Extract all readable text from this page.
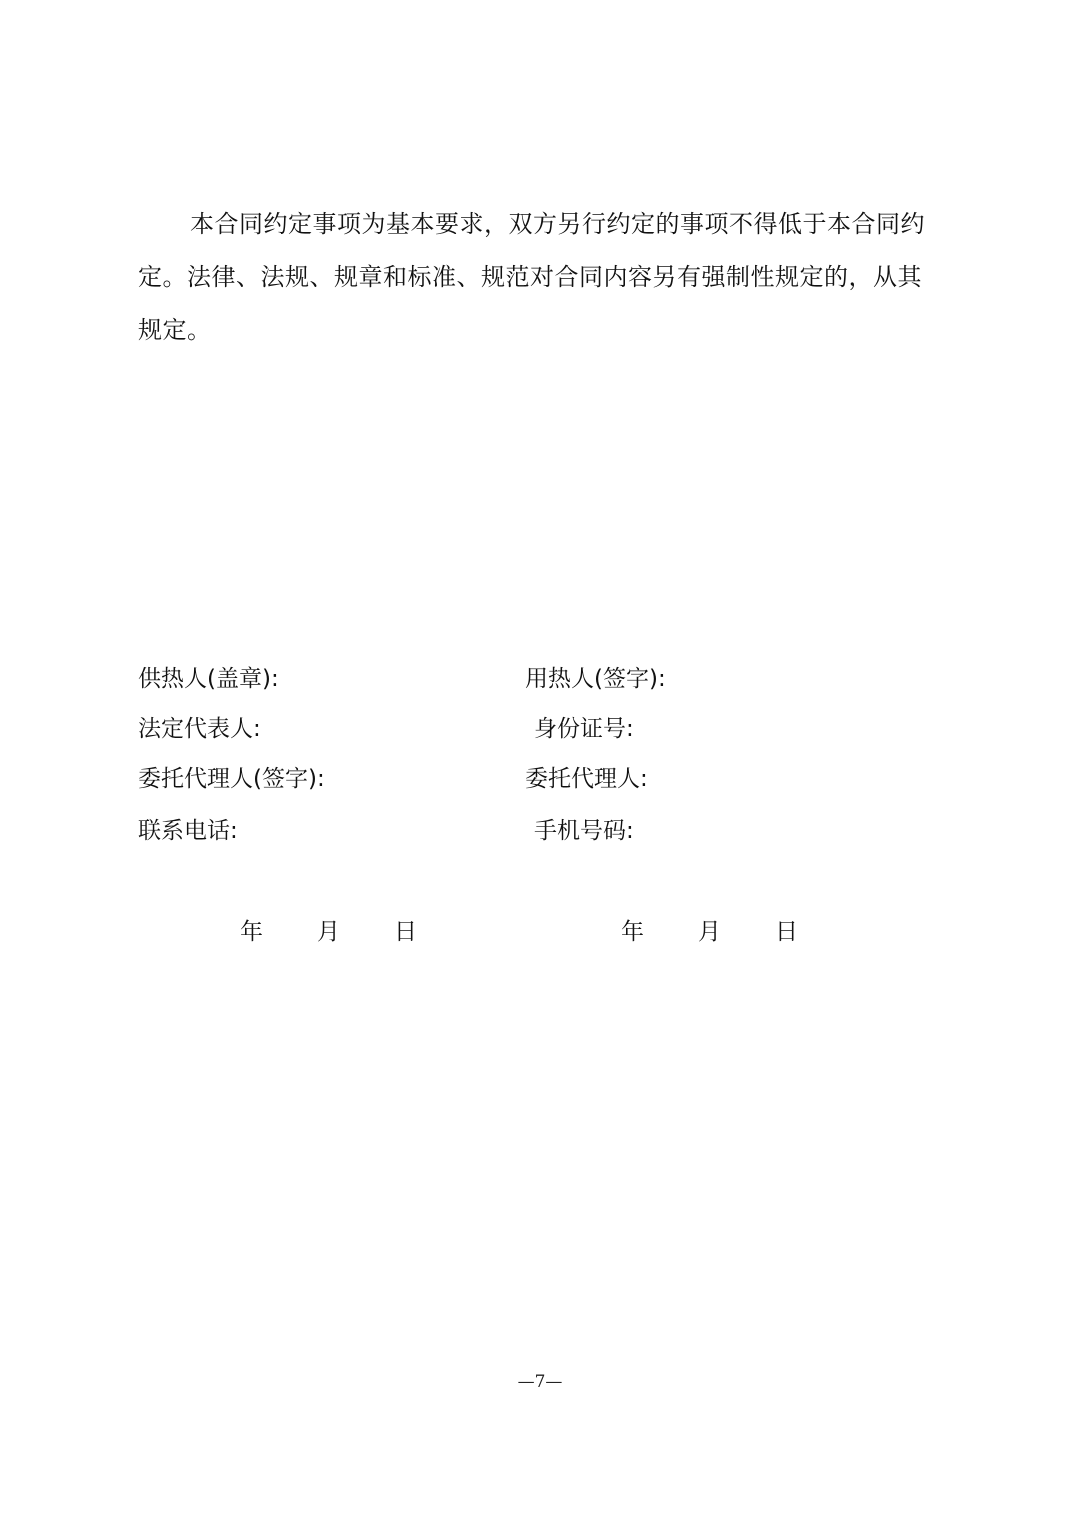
本合同约定事项为基本要求，双方另行约定的事项不得低于本合同约定。法律、法规、规章和标准、规范对合同内容另有强制性规定的，从其规定。

供热人(盖章):
法定代表人:
委托代理人(签字):
联系电话:
用热人(签字):
身份证号:
委托代理人:
手机号码:
年 月 日	年 月 日
—7—
